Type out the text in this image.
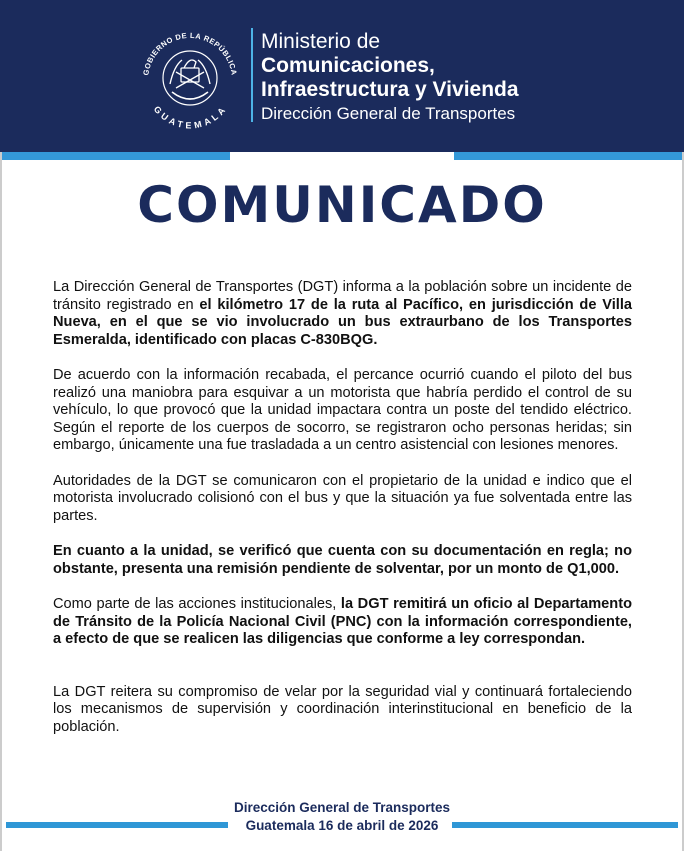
GOBIERNO DE LA REPÚBLICA
GUATEMALA
Ministerio de
Comunicaciones,
Infraestructura y Vivienda
Dirección General de Transportes
COMUNICADO

La Dirección General de Transportes (DGT) informa a la población sobre un incidente de tránsito registrado en el kilómetro 17 de la ruta al Pacífico, en jurisdicción de Villa Nueva, en el que se vio involucrado un bus extraurbano de los Transportes Esmeralda, identificado con placas C-830BQG.

De acuerdo con la información recabada, el percance ocurrió cuando el piloto del bus realizó una maniobra para esquivar a un motorista que habría perdido el control de su vehículo, lo que provocó que la unidad impactara contra un poste del tendido eléctrico. Según el reporte de los cuerpos de socorro, se registraron ocho personas heridas; sin embargo, únicamente una fue trasladada a un centro asistencial con lesiones menores.

Autoridades de la DGT se comunicaron con el propietario de la unidad e indico que el motorista involucrado colisionó con el bus y que la situación ya fue solventada entre las partes.

En cuanto a la unidad, se verificó que cuenta con su documentación en regla; no obstante, presenta una remisión pendiente de solventar, por un monto de Q1,000.

Como parte de las acciones institucionales, la DGT remitirá un oficio al Departamento de Tránsito de la Policía Nacional Civil (PNC) con la información correspondiente, a efecto de que se realicen las diligencias que conforme a ley correspondan.

La DGT reitera su compromiso de velar por la seguridad vial y continuará fortaleciendo los mecanismos de supervisión y coordinación interinstitucional en beneficio de la población.

Dirección General de Transportes
Guatemala 16 de abril de 2026
